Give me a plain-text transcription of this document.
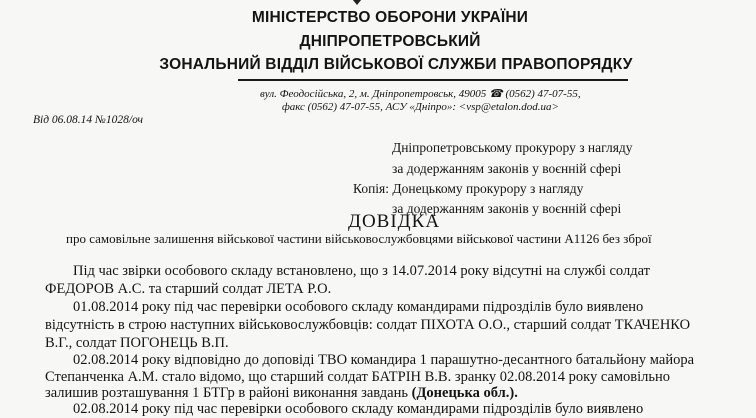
МІНІСТЕРСТВО ОБОРОНИ УКРАЇНИ
ДНІПРОПЕТРОВСЬКИЙ
ЗОНАЛЬНИЙ ВІДДІЛ ВІЙСЬКОВОЇ СЛУЖБИ ПРАВОПОРЯДКУ
вул. Феодосійська, 2, м. Дніпропетровськ, 49005 ☎ (0562) 47-07-55,
факс (0562) 47-07-55, АСУ «Дніпро»: <vsp@etalon.dod.ua>
Від 06.08.14 №1028/оч
Дніпропетровському прокурору з нагляду
за додержанням законів у воєнній сфері
Копія: Донецькому прокурору з нагляду
за додержанням законів у воєнній сфері
ДОВІДКА
про самовільне залишення військової частини військовослужбовцями військової частини А1126 без зброї
Під час звірки особового складу встановлено, що з 14.07.2014 року відсутні на службі солдат
ФЕДОРОВ А.С. та старший солдат ЛЕТА Р.О.
01.08.2014 року під час перевірки особового складу командирами підрозділів було виявлено
відсутність в строю наступних військовослужбовців: солдат ПІХОТА О.О., старший солдат ТКАЧЕНКО
В.Г., солдат ПОГОНЕЦЬ В.П.
02.08.2014 року відповідно до доповіді ТВО командира 1 парашутно-десантного батальйону майора
Степанченка А.М. стало відомо, що старший солдат БАТРІН В.В. зранку 02.08.2014 року самовільно
залишив розташування 1 БТГр в районі виконання завдань (Донецька обл.).
02.08.2014 року під час перевірки особового складу командирами підрозділів було виявлено
